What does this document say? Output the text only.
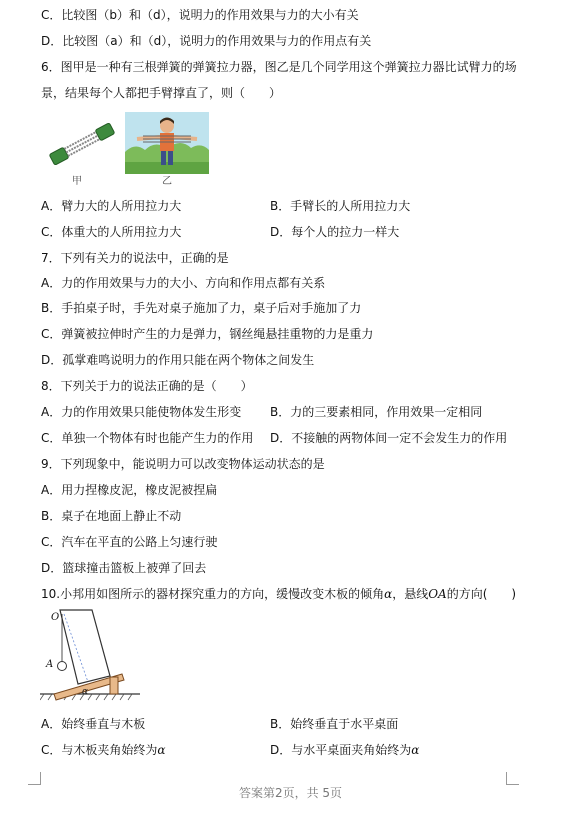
C．比较图（b）和（d），说明力的作用效果与力的大小有关
D．比较图（a）和（d），说明力的作用效果与力的作用点有关
6．图甲是一种有三根弹簧的弹簧拉力器，图乙是几个同学用这个弹簧拉力器比试臂力的场
景，结果每个人都把手臂撑直了，则（　　）
甲	乙
A．臂力大的人所用拉力大	B．手臂长的人所用拉力大
C．体重大的人所用拉力大	D．每个人的拉力一样大
7．下列有关力的说法中，正确的是
A．力的作用效果与力的大小、方向和作用点都有关系
B．手拍桌子时，手先对桌子施加了力，桌子后对手施加了力
C．弹簧被拉伸时产生的力是弹力，钢丝绳悬挂重物的力是重力
D．孤掌难鸣说明力的作用只能在两个物体之间发生
8．下列关于力的说法正确的是（　　）
A．力的作用效果只能使物体发生形变 B．力的三要素相同，作用效果一定相同
C．单独一个物体有时也能产生力的作用 D．不接触的两物体间一定不会发生力的作用
9．下列现象中，能说明力可以改变物体运动状态的是
A．用力捏橡皮泥，橡皮泥被捏扁
B．桌子在地面上静止不动
C．汽车在平直的公路上匀速行驶
D．篮球撞击篮板上被弹了回去
10.小邦用如图所示的器材探究重力的方向，缓慢改变木板的倾角α，悬线OA的方向(　　)
O
A
α
A．始终垂直与木板	B．始终垂直于水平桌面
C．与木板夹角始终为α	D．与水平桌面夹角始终为α
答案第2页，共 5页
